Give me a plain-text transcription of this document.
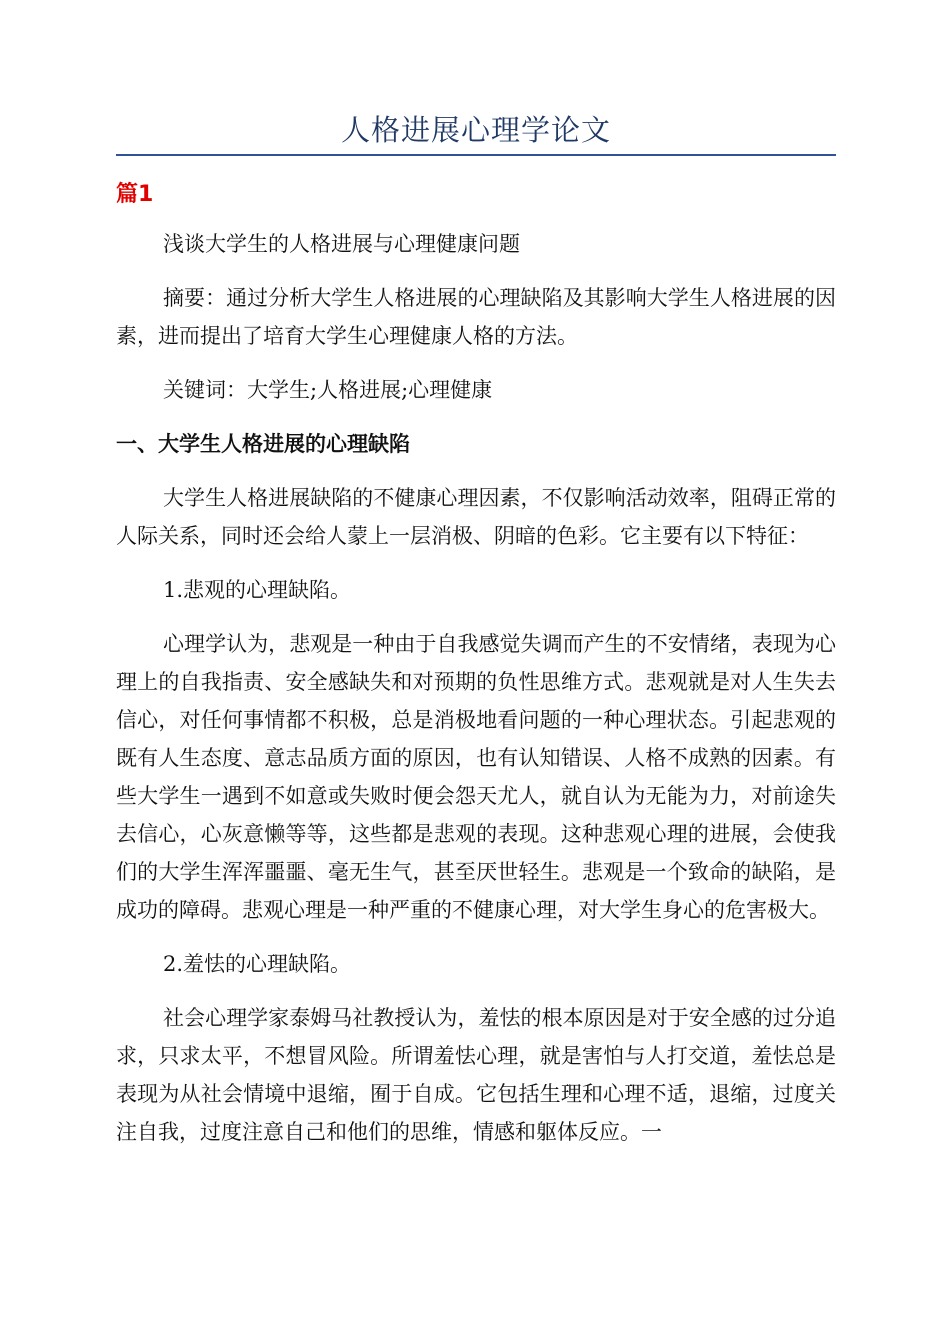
人格进展心理学论文
篇1

浅谈大学生的人格进展与心理健康问题

摘要：通过分析大学生人格进展的心理缺陷及其影响大学生人格进展的因素，进而提出了培育大学生心理健康人格的方法。

关键词：大学生;人格进展;心理健康

一、大学生人格进展的心理缺陷

大学生人格进展缺陷的不健康心理因素，不仅影响活动效率，阻碍正常的人际关系，同时还会给人蒙上一层消极、阴暗的色彩。它主要有以下特征：

1.悲观的心理缺陷。

心理学认为，悲观是一种由于自我感觉失调而产生的不安情绪，表现为心理上的自我指责、安全感缺失和对预期的负性思维方式。悲观就是对人生失去信心，对任何事情都不积极，总是消极地看问题的一种心理状态。引起悲观的既有人生态度、意志品质方面的原因，也有认知错误、人格不成熟的因素。有些大学生一遇到不如意或失败时便会怨天尤人，就自认为无能为力，对前途失去信心，心灰意懒等等，这些都是悲观的表现。这种悲观心理的进展，会使我们的大学生浑浑噩噩、毫无生气，甚至厌世轻生。悲观是一个致命的缺陷，是成功的障碍。悲观心理是一种严重的不健康心理，对大学生身心的危害极大。

2.羞怯的心理缺陷。

社会心理学家泰姆马社教授认为，羞怯的根本原因是对于安全感的过分追求，只求太平，不想冒风险。所谓羞怯心理，就是害怕与人打交道，羞怯总是表现为从社会情境中退缩，囿于自成。它包括生理和心理不适，退缩，过度关注自我，过度注意自己和他们的思维，情感和躯体反应。一
